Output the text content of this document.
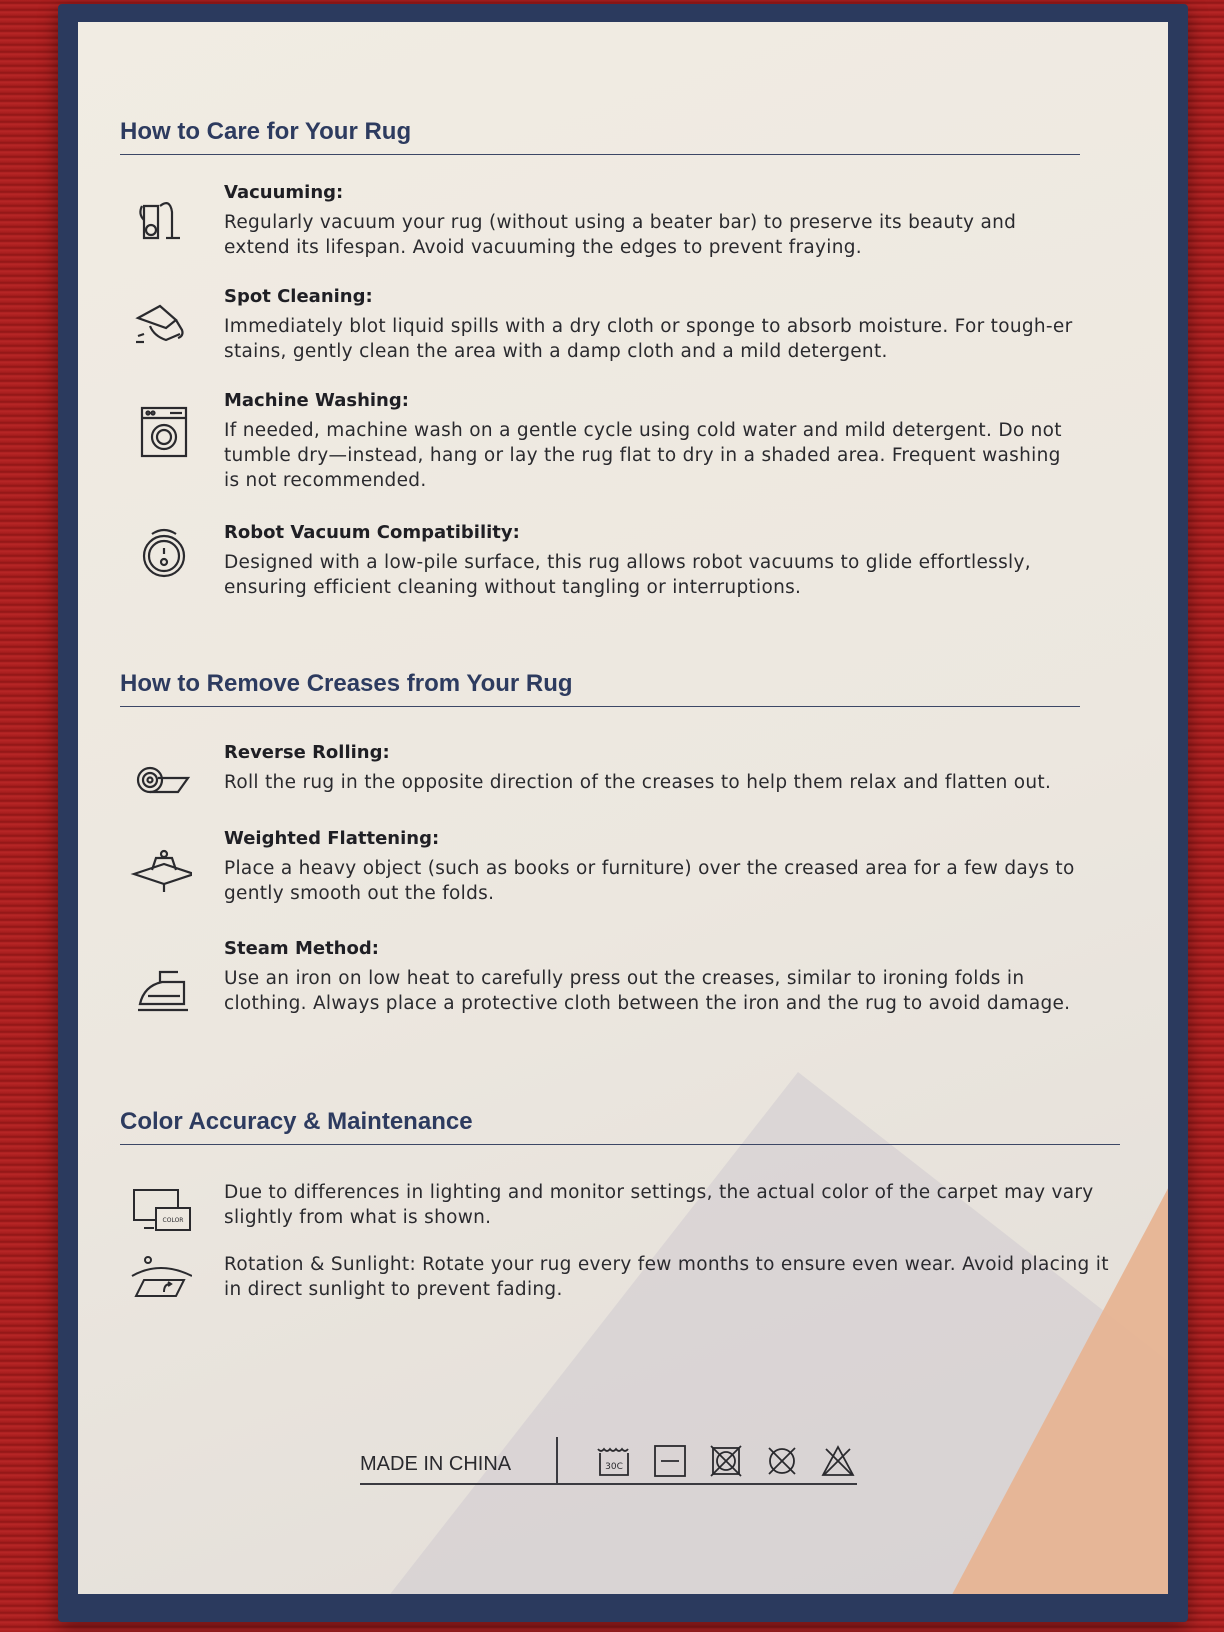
How to Care for Your Rug

Vacuuming:

Regularly vacuum your rug (without using a beater bar) to preserve its beauty and extend its lifespan. Avoid vacuuming the edges to prevent fraying.

Spot Cleaning:

Immediately blot liquid spills with a dry cloth or sponge to absorb moisture. For tough-er stains, gently clean the area with a damp cloth and a mild detergent.

Machine Washing:

If needed, machine wash on a gentle cycle using cold water and mild detergent. Do not tumble dry—instead, hang or lay the rug flat to dry in a shaded area. Frequent washing is not recommended.

Robot Vacuum Compatibility:

Designed with a low-pile surface, this rug allows robot vacuums to glide effortlessly, ensuring efficient cleaning without tangling or interruptions.

How to Remove Creases from Your Rug

Reverse Rolling:

Roll the rug in the opposite direction of the creases to help them relax and flatten out.

Weighted Flattening:

Place a heavy object (such as books or furniture) over the creased area for a few days to gently smooth out the folds.

Steam Method:

Use an iron on low heat to carefully press out the creases, similar to ironing folds in clothing. Always place a protective cloth between the iron and the rug to avoid damage.

Color Accuracy & Maintenance
COLOR

Due to differences in lighting and monitor settings, the actual color of the carpet may vary slightly from what is shown.

Rotation & Sunlight: Rotate your rug every few months to ensure even wear. Avoid placing it in direct sunlight to prevent fading.

MADE IN CHINA	30C
